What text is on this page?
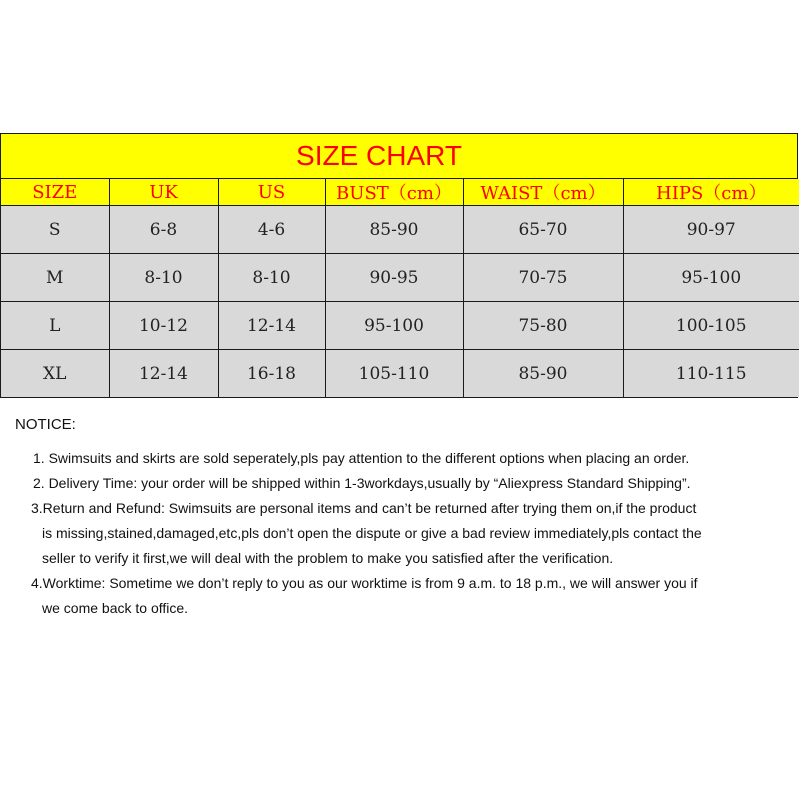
SIZE CHART
SIZE	UK	US	BUST（cm）	WAIST（cm）	HIPS（cm）
S	6-8	4-6	85-90	65-70	90-97
M	8-10	8-10	90-95	70-75	95-100
L	10-12	12-14	95-100	75-80	100-105
XL	12-14	16-18	105-110	85-90	110-115
NOTICE:
1. Swimsuits and skirts are sold seperately,pls pay attention to the different options when placing an order.
2. Delivery Time: your order will be shipped within 1-3workdays,usually by “Aliexpress Standard Shipping”.
3.Return and Refund: Swimsuits are personal items and can’t be returned after trying them on,if the product
is missing,stained,damaged,etc,pls don’t open the dispute or give a bad review immediately,pls contact the
seller to verify it first,we will deal with the problem to make you satisfied after the verification.
4.Worktime: Sometime we don’t reply to you as our worktime is from 9 a.m. to 18 p.m., we will answer you if
we come back to office.
